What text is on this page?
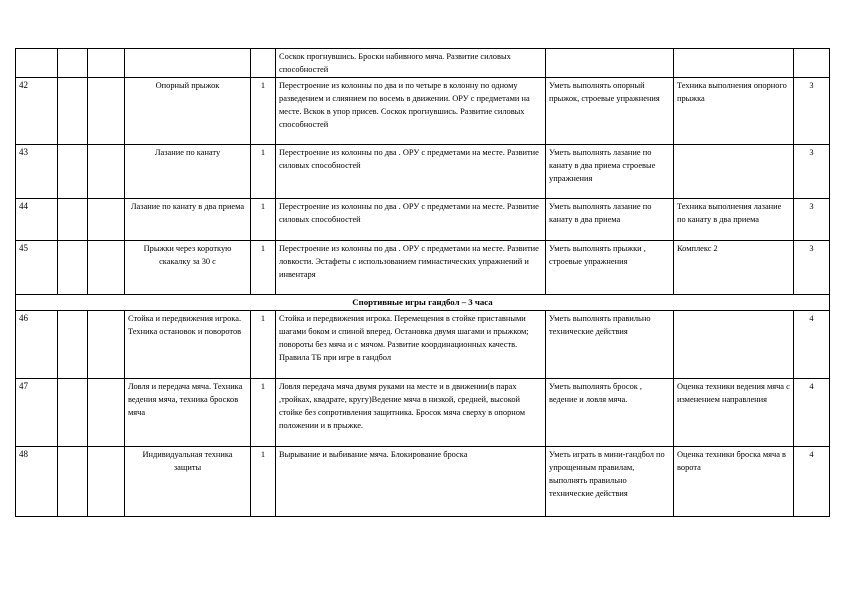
					Соскок прогнувшись. Броски набивного мяча. Развитие силовых способностей			
42			Опорный прыжок	1	Перестроение из колонны по два и по четыре в колонну по одному разведением и слиянием по восемь в движении. ОРУ с предметами на месте. Вскок в упор присев. Соскок прогнувшись. Развитие силовых способностей	Уметь выполнять опорный прыжок, строевые упражнения	Техника выполнения опорного прыжка	3
43			Лазание по канату	1	Перестроение из колонны по два . ОРУ с предметами на месте. Развитие силовых способностей	Уметь выполнять лазание по канату в два приема строевые упражнения		3
44			Лазание по канату в два приема	1	Перестроение из колонны по два . ОРУ с предметами на месте. Развитие силовых способностей	Уметь выполнять лазание по канату в два приема	Техника выполнения лазание по канату в два приема	3
45			Прыжки через короткую скакалку за 30 с	1	Перестроение из колонны по два . ОРУ с предметами на месте. Развитие ловкости. Эстафеты с использованием гимнастических упражнений и инвентаря	Уметь выполнять прыжки , строевые упражнения	Комплекс 2	3
Спортивные игры гандбол – 3 часа								
46			Стойка и передвижения игрока. Техника остановок и поворотов	1	Стойка и передвижения игрока. Перемещения в стойке приставными шагами боком и спиной вперед. Остановка двумя шагами и прыжком; повороты без мяча и с мячом. Развитие координационных качеств. Правила ТБ при игре в гандбол	Уметь выполнять правильно технические действия		4
47			Ловля и передача мяча. Техника ведения мяча, техника бросков мяча	1	Ловля передача мяча двумя руками на месте и в движении(в парах ,тройках, квадрате, кругу)Ведение мяча в низкой, средней, высокой стойке без сопротивления защитника. Бросок мяча сверху в опорном положении и в прыжке.	Уметь выполнять бросок , ведение и ловля мяча.	Оценка техники ведения мяча с изменением направления	4
48			Индивидуальная техника защиты	1	Вырывание и выбивание мяча. Блокирование броска	Уметь играть в мини-гандбол по упрощенным правилам, выполнять правильно технические действия	Оценка техники броска мяча в ворота	4
